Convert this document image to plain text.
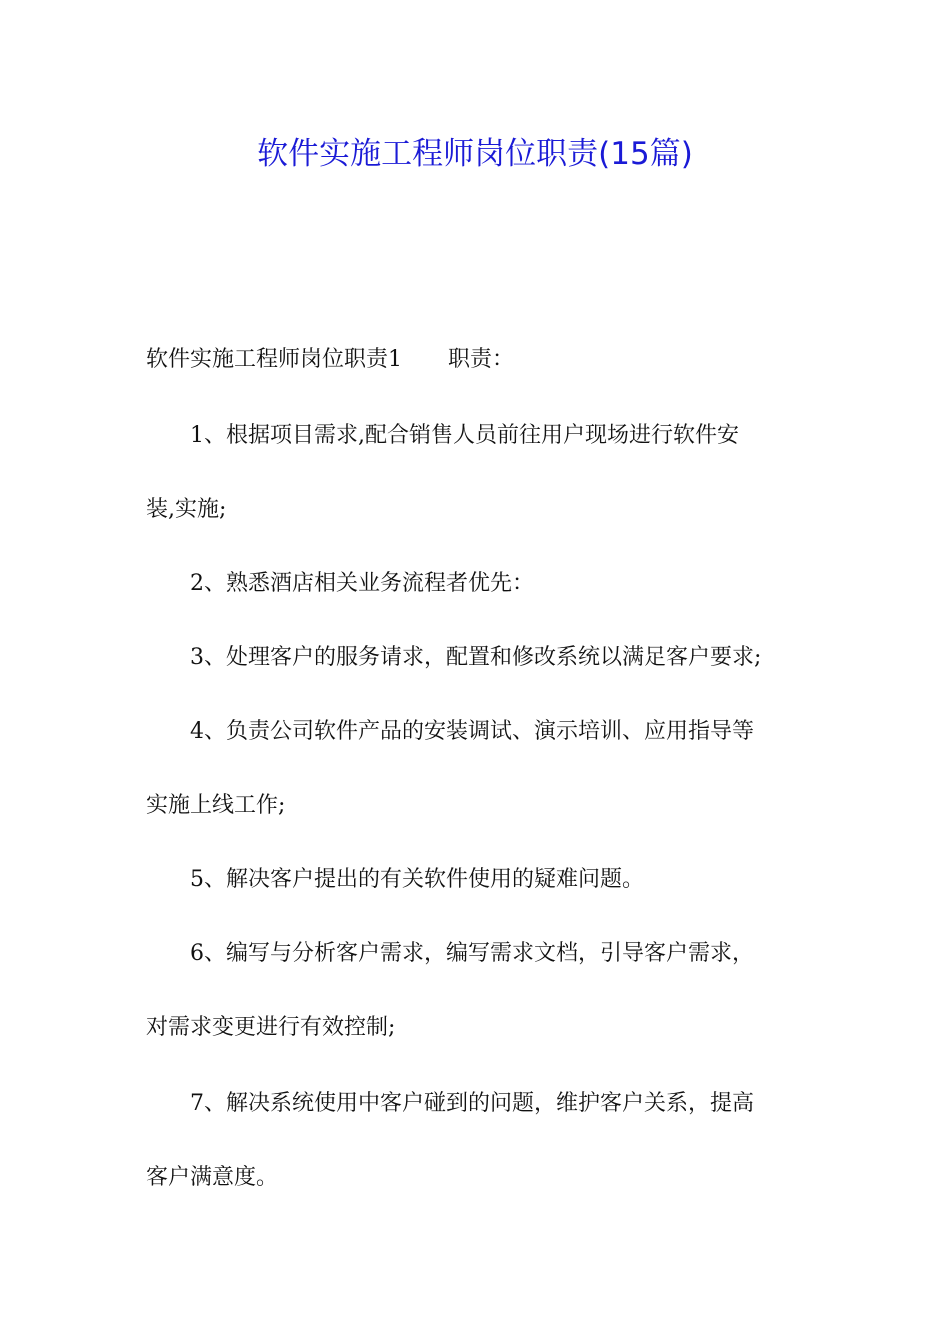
软件实施工程师岗位职责(15篇)
软件实施工程师岗位职责1 职责：
1、根据项目需求,配合销售人员前往用户现场进行软件安
装,实施;
2、熟悉酒店相关业务流程者优先：
3、处理客户的服务请求，配置和修改系统以满足客户要求;
4、负责公司软件产品的安装调试、演示培训、应用指导等
实施上线工作;
5、解决客户提出的有关软件使用的疑难问题。
6、编写与分析客户需求，编写需求文档，引导客户需求，
对需求变更进行有效控制;
7、解决系统使用中客户碰到的问题，维护客户关系，提高
客户满意度。
